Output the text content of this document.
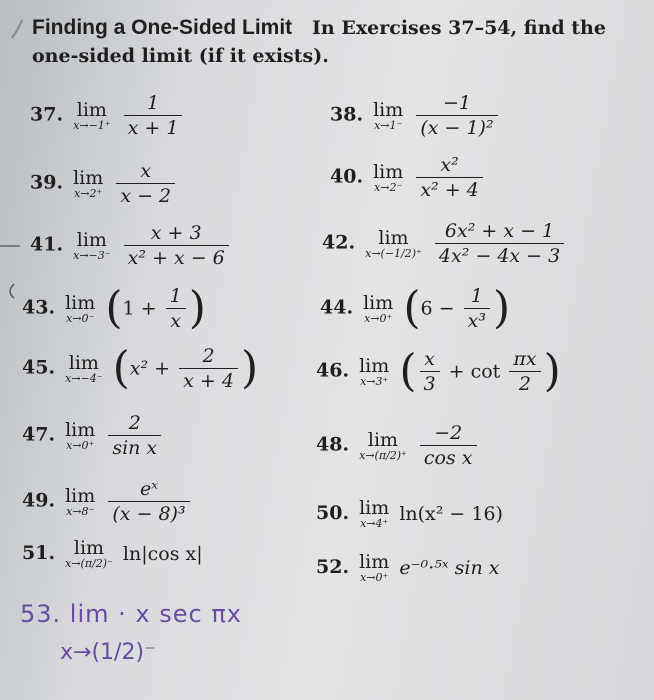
Finding a One-Sided Limit In Exercises 37–54, find the one-sided limit (if it exists).
37. lim
x→−1⁺
$\frac{1}{x + 1}$	38. lim
x→1⁻
$\frac{-1}{\text{(x − 1)²}}$
39. lim
x→2⁺
$\frac{x}{x - 2}$	40. lim
x→2⁻
$\frac{\text{x²}}{\text{x² + 4}}$
41. lim
x→−3⁻
$\frac{x + 3}{\text{x² + x − 6}}$	42.	lim
x→(−1/2)⁺
$\frac{\text{6x² + x − 1}}{\text{4x² − 4x − 3}}$
43. lim
x→0⁻ ($1 + \frac{1}{x}$ )	44. lim
x→0⁺ ($6 - \frac{1}{\text{x³}}$ )
45. lim
x→−4⁻ ($x^2 + \frac{2}{x + 4}$ )	46. lim
x→3⁺ ( $\frac{x}{3} + \cot \frac{\pi x}{2}$ )
47. lim
x→0⁺
$\frac{2}{\text{sin x}}$	48. lim
x→(π/2)⁺
$\frac{-2}{\text{cos x}}$
49. lim
x→8⁻
$\frac{\text{eˣ}}{\text{(x − 8)³}}$	50. lim
x→4⁺ ln(x² − 16)
51. lim
x→(π/2)⁻ ln|cos x|
52. lim
x→0⁺ e⁻⁰·⁵ˣ sin x
53. lim · x sec πx
x→(1/2)⁻
